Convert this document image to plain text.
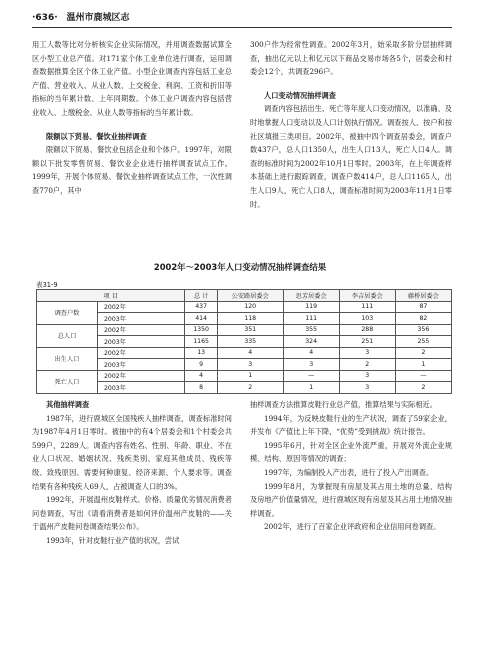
·636· 温州市鹿城区志

用工人数等比对分析核实企业实际情况，并用调查数据试算全区小型工业总产值。对171家个体工业单位进行调查，运用调查数据推算全区个体工业产值。小型企业调查内容包括工业总产值、营业收入、从业人数、上交税金、利润、工资和折旧等指标的当年累计数、上年同期数。个体工业户调查内容包括营业收入、上缴税金、从业人数等指标的当年累计数。

限额以下贸易、餐饮业抽样调查

限额以下贸易、餐饮业包括企业和个体户。1997年，对限额以下批发零售贸易、餐饮业企业进行抽样调查试点工作。1999年，开展个体贸易、餐饮业抽样调查试点工作，一次性调查770户，其中

300户作为经常性调查。2002年3月，始采取多阶分层抽样调查，抽出亿元以上和亿元以下商品交易市场各5个，居委会和村委会12个，共调查296户。

人口变动情况抽样调查

调查内容包括出生、死亡等年度人口变动情况，以准确、及时地掌握人口变动以及人口计划执行情况。调查按人、按户和按社区填报三类项目。2002年，被抽中四个调查居委会，调查户数437户，总人口1350人，出生人口13人，死亡人口4人。调查的标准时间为2002年10月1日零时。2003年，在上年调查样本基础上进行跟踪调查，调查户数414户，总人口1165人，出生人口9人，死亡人口8人，调查标准时间为2003年11月1日零时。

2002年～2003年人口变动情况抽样调查结果
表31-9
项 目		总 计	公安路居委会	思芳居委会	李吉居委会	藤桥居委会
调查户数	2002年	437	120	119	111	87
	2003年	414	118	111	103	82
总人口	2002年	1350	351	355	288	356
	2003年	1165	335	324	251	255
出生人口	2002年	13	4	4	3	2
	2003年	9	3	3	2	1
死亡人口	2002年	4	1	—	3	—
	2003年	8	2	1	3	2

其他抽样调查

1987年，进行鹿城区全国残疾人抽样调查，调查标准时间为1987年4月1日零时。被抽中的有4个居委会和1个村委会共599户，2289人。调查内容有姓名、性别、年龄、职业、不在业人口状况、婚姻状况、残疾类别、家庭其他成员、残疾等级、致残原因、需要何种康复、经济来源、个人要求等。调查结果有各种残疾人69人，占被调查人口的3%。

1992年，开展温州皮鞋样式、价格、质量优劣情况消费者问卷调查，写出《请看消费者是如何评价温州产皮鞋的——关于温州产皮鞋问卷调查结果公布》。

1993年，针对皮鞋行业产值的状况，尝试

抽样调查方法推算皮鞋行业总产值，推算结果与实际相近。

1994年，为反映皮鞋行业的生产状况，调查了59家企业，并发布《产值比上年下降，“优势”受到挑战》统计报告。

1995年6月，针对全区企业外流严重，开展对外流企业规模、结构、原因等情况的调查；

1997年，为编制投入产出表，进行了投入产出调查。

1999年8月，为掌握现有房屋及其占用土地的总量、结构及房地产价值量情况，进行鹿城区现有房屋及其占用土地情况抽样调查。

2002年，进行了百家企业评政府和企业信用问卷调查。
